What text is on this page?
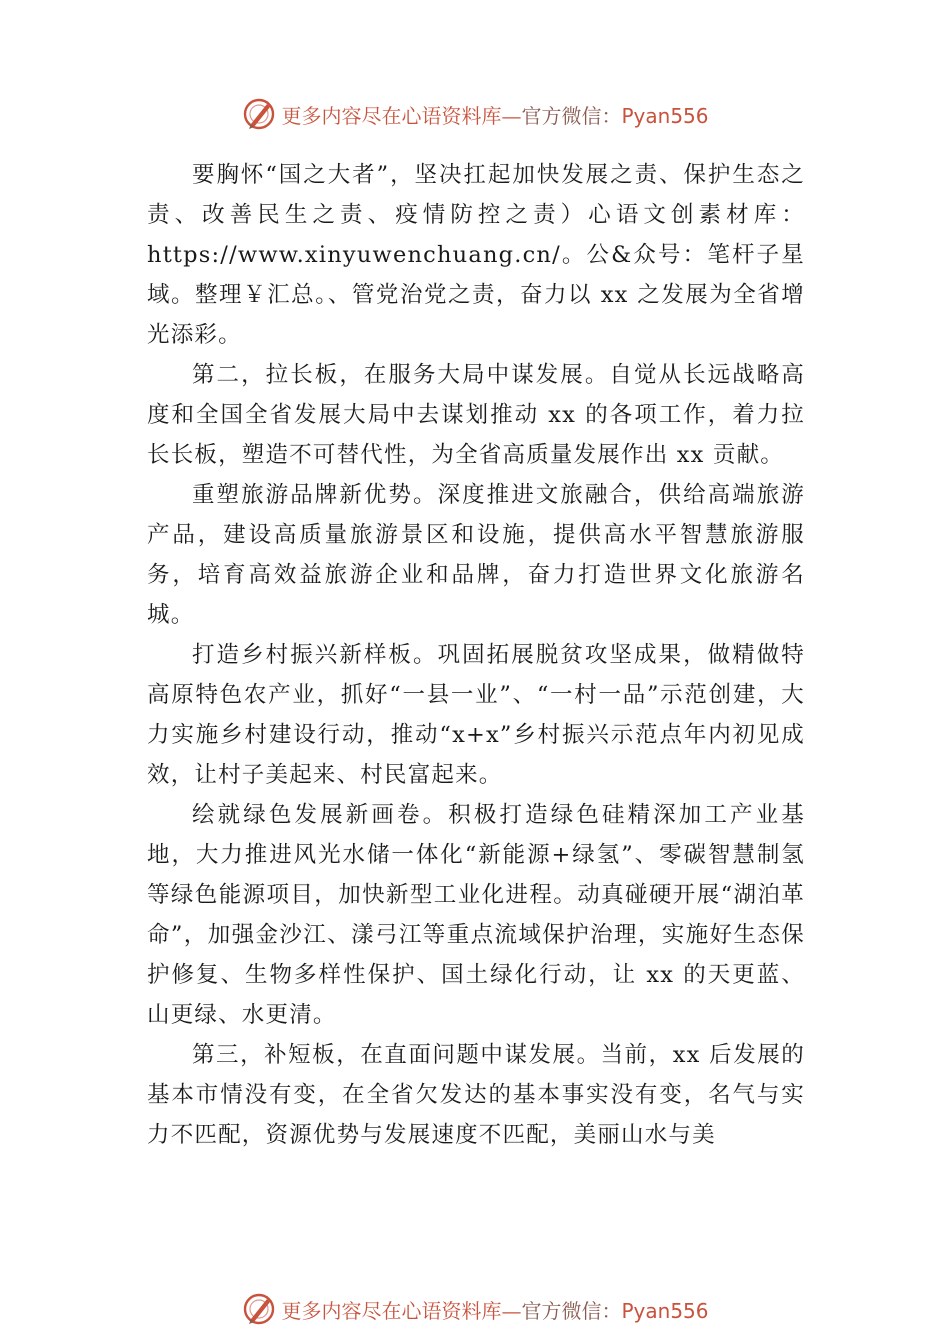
更多内容尽在心语资料库—官方微信：Pyan556

要胸怀“国之大者”，坚决扛起加快发展之责、保护生态之责、改善民生之责、疫情防控之责）心语文创素材库：https://www.xinyuwenchuang.cn/。公&众号：笔杆子星域。整理￥汇总。、管党治党之责，奋力以 xx 之发展为全省增光添彩。

第二，拉长板，在服务大局中谋发展。自觉从长远战略高度和全国全省发展大局中去谋划推动 xx 的各项工作，着力拉长长板，塑造不可替代性，为全省高质量发展作出 xx 贡献。

重塑旅游品牌新优势。深度推进文旅融合，供给高端旅游产品，建设高质量旅游景区和设施，提供高水平智慧旅游服务，培育高效益旅游企业和品牌，奋力打造世界文化旅游名城。

打造乡村振兴新样板。巩固拓展脱贫攻坚成果，做精做特高原特色农产业，抓好“一县一业”、“一村一品”示范创建，大力实施乡村建设行动，推动“x+x”乡村振兴示范点年内初见成效，让村子美起来、村民富起来。

绘就绿色发展新画卷。积极打造绿色硅精深加工产业基地，大力推进风光水储一体化“新能源+绿氢”、零碳智慧制氢等绿色能源项目，加快新型工业化进程。动真碰硬开展“湖泊革命”，加强金沙江、漾弓江等重点流域保护治理，实施好生态保护修复、生物多样性保护、国土绿化行动，让 xx 的天更蓝、山更绿、水更清。

第三，补短板，在直面问题中谋发展。当前，xx 后发展的基本市情没有变，在全省欠发达的基本事实没有变，名气与实力不匹配，资源优势与发展速度不匹配，美丽山水与美

更多内容尽在心语资料库—官方微信：Pyan556
